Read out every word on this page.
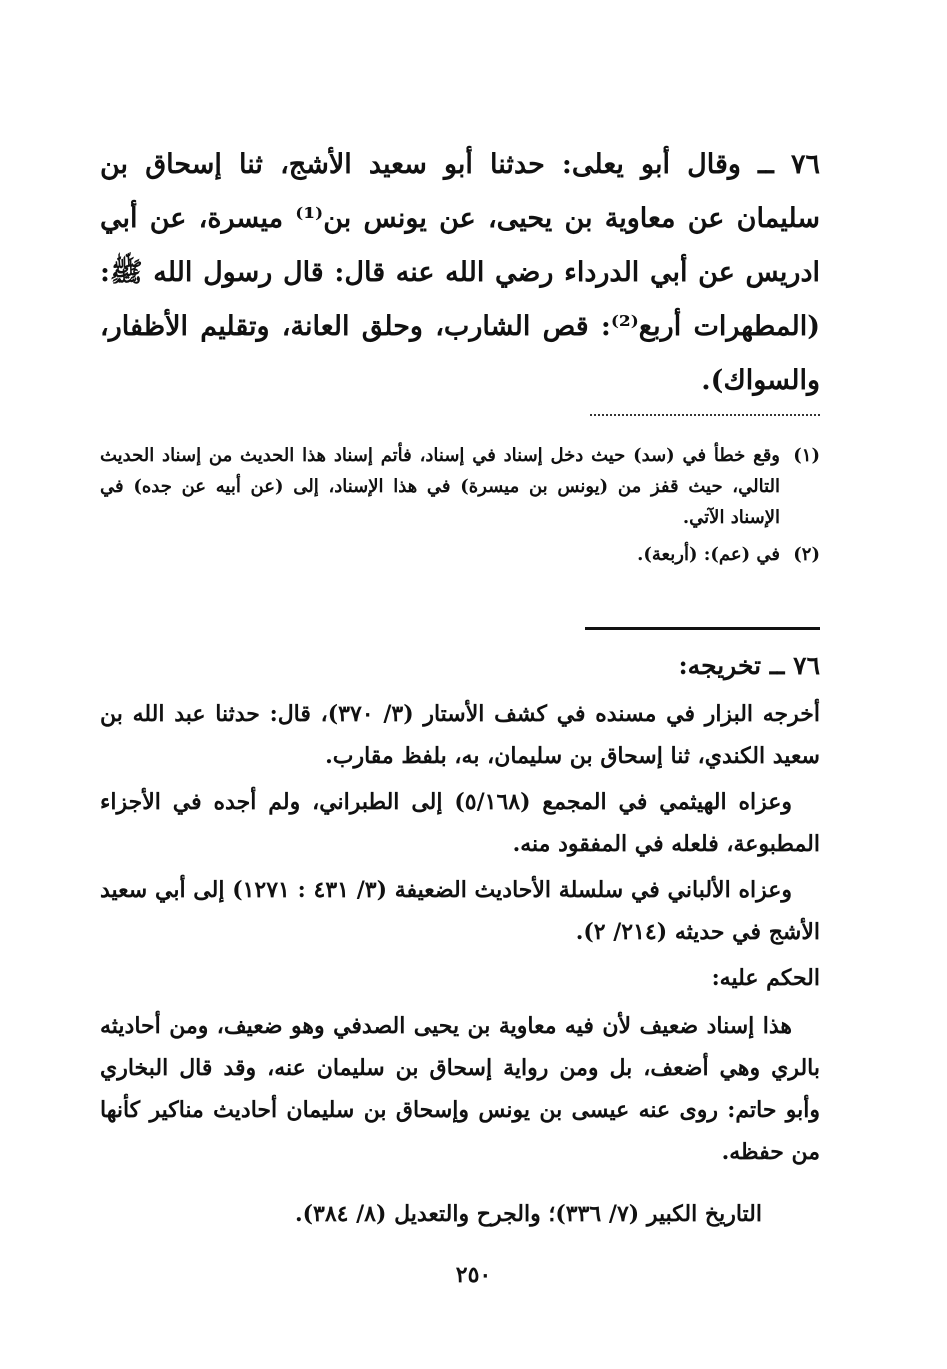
٧٦ ــ وقال أبو يعلى: حدثنا أبو سعيد الأشج، ثنا إسحاق بن سليمان عن معاوية بن يحيى، عن يونس بن⁽¹⁾ ميسرة، عن أبي ادريس عن أبي الدرداء رضي الله عنه قال: قال رسول الله ﷺ: (المطهرات أربع⁽²⁾: قص الشارب، وحلق العانة، وتقليم الأظفار، والسواك).

(١)
وقع خطأ في (سد) حيث دخل إسناد في إسناد، فأتم إسناد هذا الحديث من إسناد الحديث التالي، حيث قفز من (يونس بن ميسرة) في هذا الإسناد، إلى (عن أبيه عن جده) في الإسناد الآتي.

(٢)
في (عم): (أربعة).

٧٦ ــ تخريجه:

أخرجه البزار في مسنده في كشف الأستار (٣/ ٣٧٠)، قال: حدثنا عبد الله بن سعيد الكندي، ثنا إسحاق بن سليمان، به، بلفظ مقارب.

وعزاه الهيثمي في المجمع (٥/١٦٨) إلى الطبراني، ولم أجده في الأجزاء المطبوعة، فلعله في المفقود منه.

وعزاه الألباني في سلسلة الأحاديث الضعيفة (٣/ ٤٣١ : ١٢٧١) إلى أبي سعيد الأشج في حديثه (٢١٤/ ٢).

الحكم عليه:

هذا إسناد ضعيف لأن فيه معاوية بن يحيى الصدفي وهو ضعيف، ومن أحاديثه بالري وهي أضعف، بل ومن رواية إسحاق بن سليمان عنه، وقد قال البخاري وأبو حاتم: روى عنه عيسى بن يونس وإسحاق بن سليمان أحاديث مناكير كأنها من حفظه.

التاريخ الكبير (٧/ ٣٣٦)؛ والجرح والتعديل (٨/ ٣٨٤).

٢٥٠
